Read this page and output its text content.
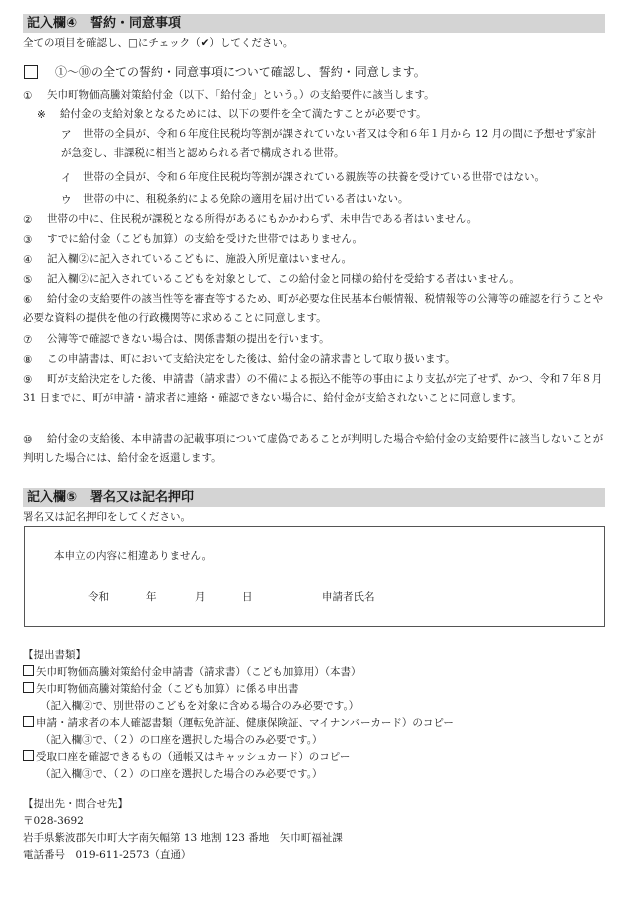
記入欄④　誓約・同意事項
全ての項目を確認し、□にチェック（✔）してください。
①〜⑩の全ての誓約・同意事項について確認し、誓約・同意します。
① 矢巾町物価高騰対策給付金（以下、「給付金」という。）の支給要件に該当します。
※ 給付金の支給対象となるためには、以下の要件を全て満たすことが必要です。
ア	世帯の全員が、令和６年度住民税均等割が課されていない者又は令和６年１月から 12 月の間に予想せず家計が急変し、非課税に相当と認められる者で構成される世帯。
イ 世帯の全員が、令和６年度住民税均等割が課されている親族等の扶養を受けている世帯ではない。
ウ 世帯の中に、租税条約による免除の適用を届け出ている者はいない。
② 世帯の中に、住民税が課税となる所得があるにもかかわらず、未申告である者はいません。
③ すでに給付金（こども加算）の支給を受けた世帯ではありません。
④ 記入欄②に記入されているこどもに、施設入所児童はいません。
⑤ 記入欄②に記入されているこどもを対象として、この給付金と同様の給付を受給する者はいません。
⑥	給付金の支給要件の該当性等を審査等するため、町が必要な住民基本台帳情報、税情報等の公簿等の確認を行うことや必要な資料の提供を他の行政機関等に求めることに同意します。
⑦ 公簿等で確認できない場合は、関係書類の提出を行います。
⑧ この申請書は、町において支給決定をした後は、給付金の請求書として取り扱います。
⑨	町が支給決定をした後、申請書（請求書）の不備による振込不能等の事由により支払が完了せず、かつ、令和７年８月 31 日までに、町が申請・請求者に連絡・確認できない場合に、給付金が支給されないことに同意します。
⑩	給付金の支給後、本申請書の記載事項について虚偽であることが判明した場合や給付金の支給要件に該当しないことが判明した場合には、給付金を返還します。
記入欄⑤　署名又は記名押印
署名又は記名押印をしてください。
本申立の内容に相違ありません。
令和	年	月	日	申請者氏名
【提出書類】
矢巾町物価高騰対策給付金申請書（請求書）（こども加算用）（本書）
矢巾町物価高騰対策給付金（こども加算）に係る申出書
（記入欄②で、別世帯のこどもを対象に含める場合のみ必要です。）
申請・請求者の本人確認書類（運転免許証、健康保険証、マイナンバーカード）のコピー
（記入欄③で、（２）の口座を選択した場合のみ必要です。）
受取口座を確認できるもの（通帳又はキャッシュカード）のコピー
（記入欄③で、（２）の口座を選択した場合のみ必要です。）
【提出先・問合せ先】
〒028-3692
岩手県紫波郡矢巾町大字南矢幅第 13 地割 123 番地　矢巾町福祉課
電話番号　019-611-2573（直通）
